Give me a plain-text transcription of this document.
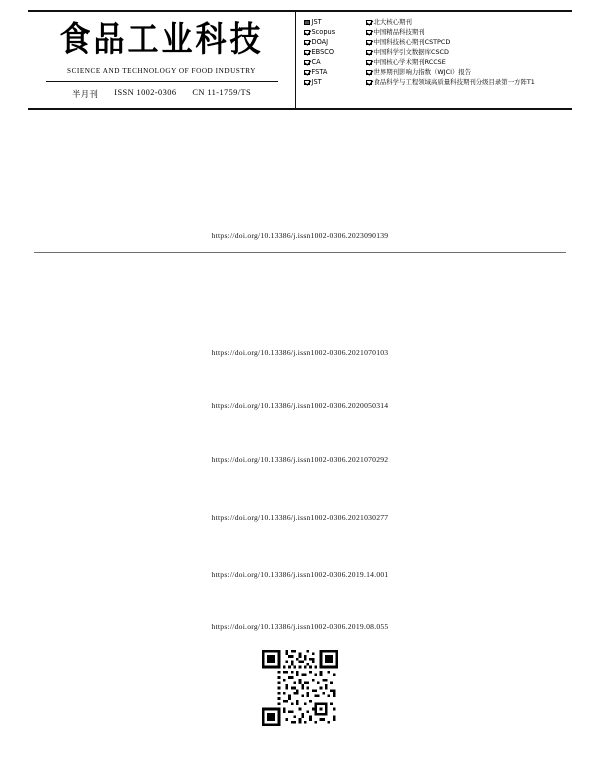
食品工业科技
SCIENCE AND TECHNOLOGY OF FOOD INDUSTRY
半月刊 ISSN 1002-0306 CN 11-1759/TS
JST
Scopus
DOAJ
EBSCO
CA
FSTA
JST
北大核心期刊
中国精品科技期刊
中国科技核心期刊CSTPCD
中国科学引文数据库CSCD
中国核心学术期刊RCCSE
世界期刊影响力指数（WJCI）报告
食品科学与工程领域高质量科技期刊分级目录第一方阵T1
https://doi.org/10.13386/j.issn1002-0306.2023090139
https://doi.org/10.13386/j.issn1002-0306.2021070103
https://doi.org/10.13386/j.issn1002-0306.2020050314
https://doi.org/10.13386/j.issn1002-0306.2021070292
https://doi.org/10.13386/j.issn1002-0306.2021030277
https://doi.org/10.13386/j.issn1002-0306.2019.14.001
https://doi.org/10.13386/j.issn1002-0306.2019.08.055
